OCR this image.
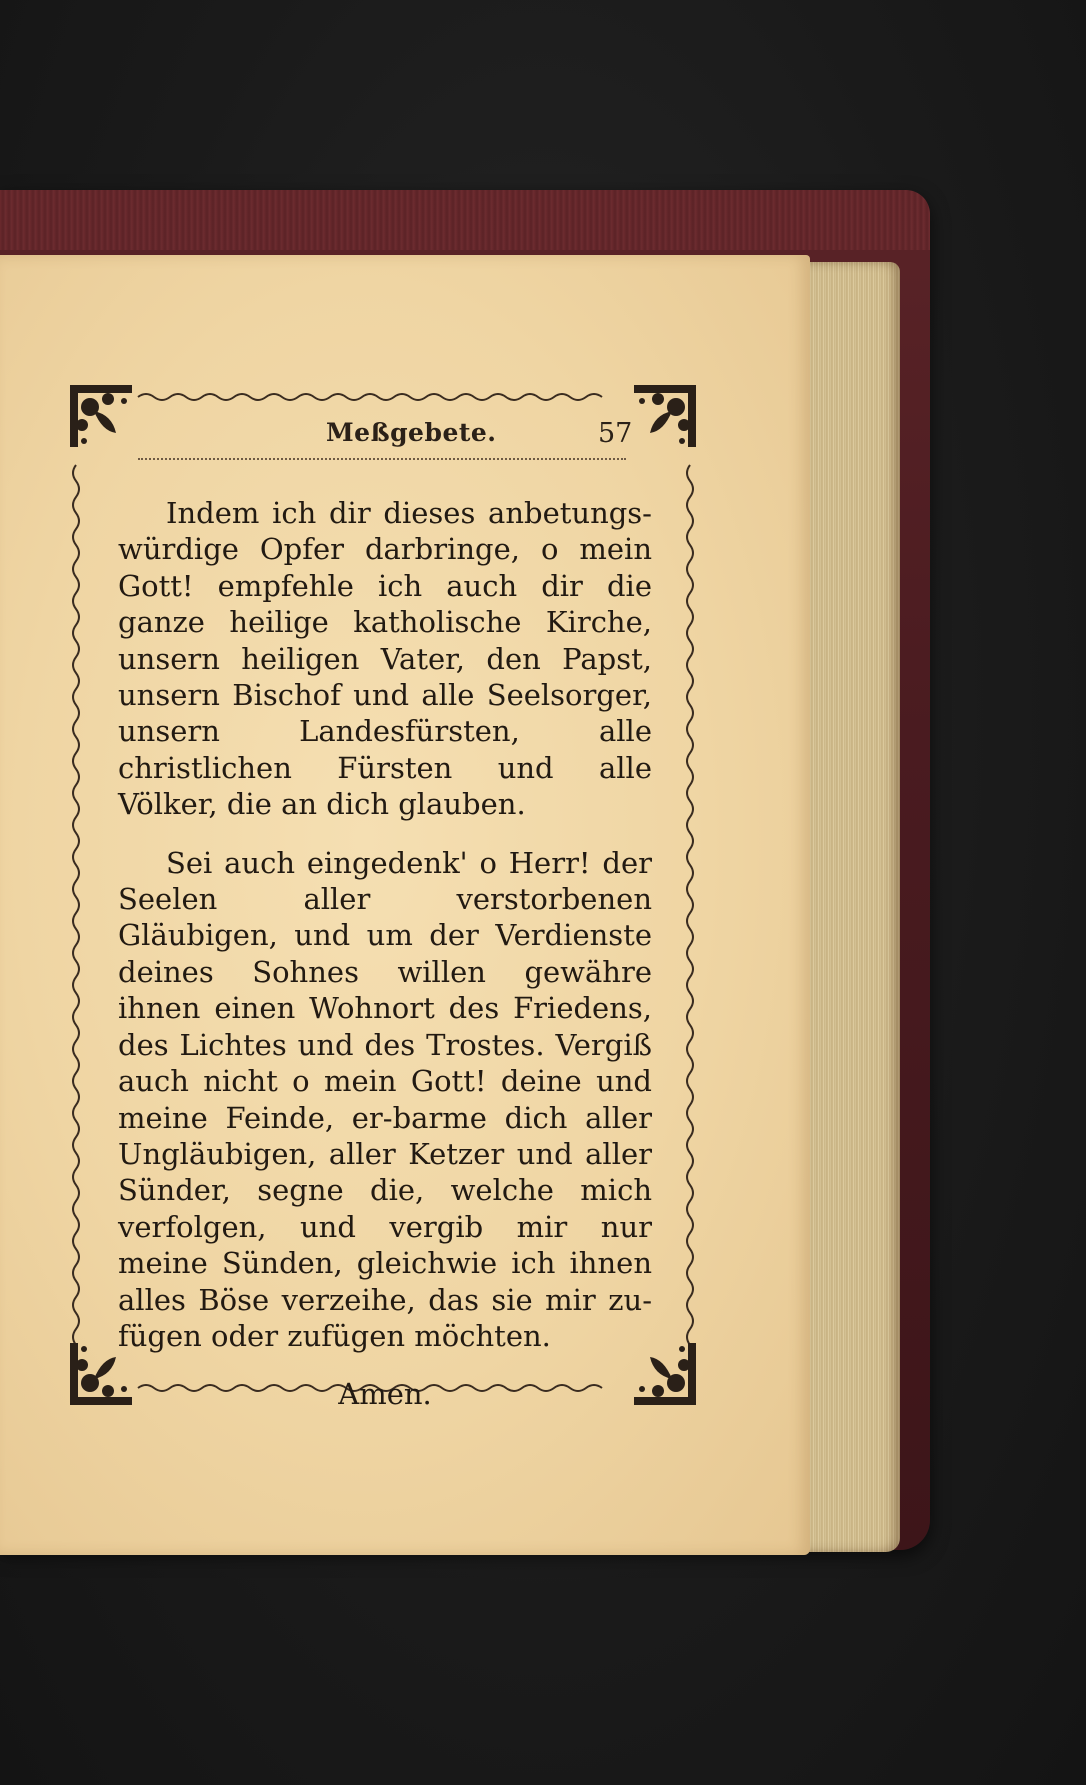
Meßgebete.	57

Indem ich dir dieses anbetungs-würdige Opfer darbringe, o mein Gott! empfehle ich auch dir die ganze heilige katholische Kirche, unsern heiligen Vater, den Papst, unsern Bischof und alle Seelsorger, unsern Landesfürsten, alle christlichen Fürsten und alle Völker, die an dich glauben.

Sei auch eingedenk' o Herr! der Seelen aller verstorbenen Gläubigen, und um der Verdienste deines Sohnes willen gewähre ihnen einen Wohnort des Friedens, des Lichtes und des Trostes. Vergiß auch nicht o mein Gott! deine und meine Feinde, er-barme dich aller Ungläubigen, aller Ketzer und aller Sünder, segne die, welche mich verfolgen, und vergib mir nur meine Sünden, gleichwie ich ihnen alles Böse verzeihe, das sie mir zu-fügen oder zufügen möchten.

Amen.
